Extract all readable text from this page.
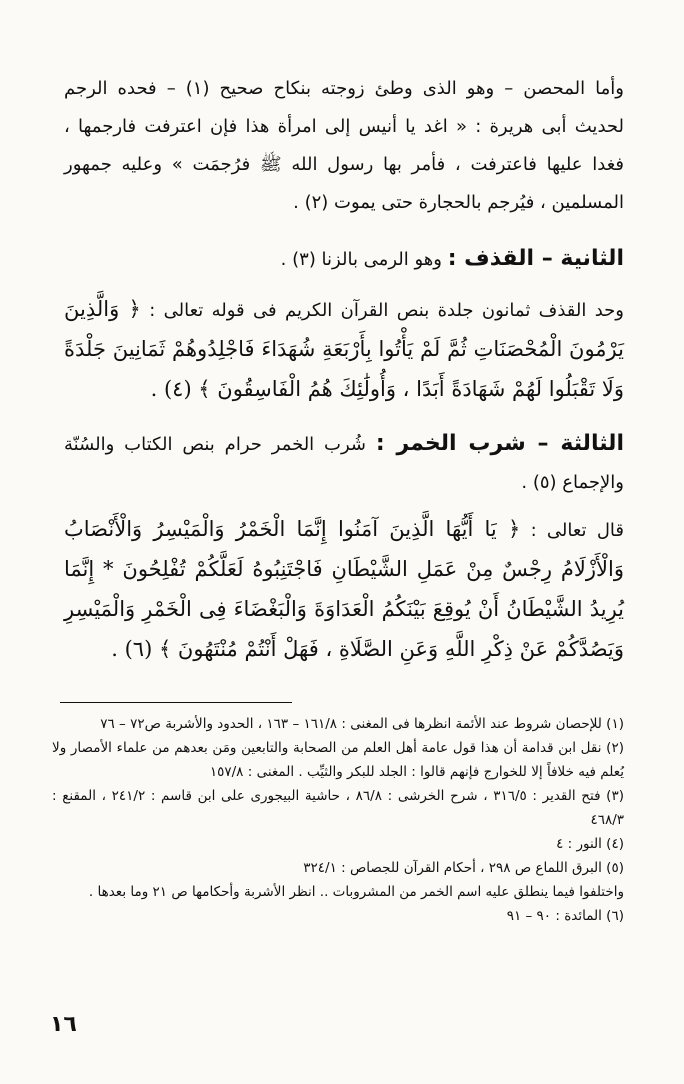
وأما المحصن – وهو الذى وطئ زوجته بنكاح صحيح (١) – فحده الرجم لحديث أبى هريرة : « اغد يا أنيس إلى امرأة هذا فإن اعترفت فارجمها ، فغدا عليها فاعترفت ، فأمر بها رسول الله ﷺ فرُجمَت » وعليه جمهور المسلمين ، فيُرجم بالحجارة حتى يموت (٢) .

الثانية – القذف : وهو الرمى بالزنا (٣) .

وحد القذف ثمانون جلدة بنص القرآن الكريم فى قوله تعالى : ﴿ وَالَّذِينَ يَرْمُونَ الْمُحْصَنَاتِ ثُمَّ لَمْ يَأْتُوا بِأَرْبَعَةِ شُهَدَاءَ فَاجْلِدُوهُمْ ثَمَانِينَ جَلْدَةً وَلَا تَقْبَلُوا لَهُمْ شَهَادَةً أَبَدًا ، وَأُولَٰئِكَ هُمُ الْفَاسِقُونَ ﴾ (٤) .

الثالثة – شرب الخمر : شُرب الخمر حرام بنص الكتاب والسُنّة والإجماع (٥) .

قال تعالى : ﴿ يَا أَيُّهَا الَّذِينَ آمَنُوا إِنَّمَا الْخَمْرُ وَالْمَيْسِرُ وَالْأَنْصَابُ وَالْأَزْلَامُ رِجْسٌ مِنْ عَمَلِ الشَّيْطَانِ فَاجْتَنِبُوهُ لَعَلَّكُمْ تُفْلِحُونَ * إِنَّمَا يُرِيدُ الشَّيْطَانُ أَنْ يُوقِعَ بَيْنَكُمُ الْعَدَاوَةَ وَالْبَغْضَاءَ فِى الْخَمْرِ وَالْمَيْسِرِ وَيَصُدَّكُمْ عَنْ ذِكْرِ اللَّهِ وَعَنِ الصَّلَاةِ ، فَهَلْ أَنْتُمْ مُنْتَهُونَ ﴾ (٦) .

(١) للإحصان شروط عند الأئمة انظرها فى المغنى : ١٦١/٨ – ١٦٣ ، الحدود والأشربة ص٧٢ – ٧٦
(٢) نقل ابن قدامة أن هذا قول عامة أهل العلم من الصحابة والتابعين ومَن بعدهم من علماء الأمصار ولا يُعلم فيه خلافاً إلا للخوارج فإنهم قالوا : الجلد للبكر والثيِّب . المغنى : ١٥٧/٨
(٣) فتح القدير : ٣١٦/٥ ، شرح الخرشى : ٨٦/٨ ، حاشية البيجورى على ابن قاسم : ٢٤١/٢ ، المقنع : ٤٦٨/٣
(٤) النور : ٤
(٥) البرق اللماع ص ٢٩٨ ، أحكام القرآن للجصاص : ٣٢٤/١
واختلفوا فيما ينطلق عليه اسم الخمر من المشروبات .. انظر الأشربة وأحكامها ص ٢١ وما بعدها .
(٦) المائدة : ٩٠ – ٩١
١٦
